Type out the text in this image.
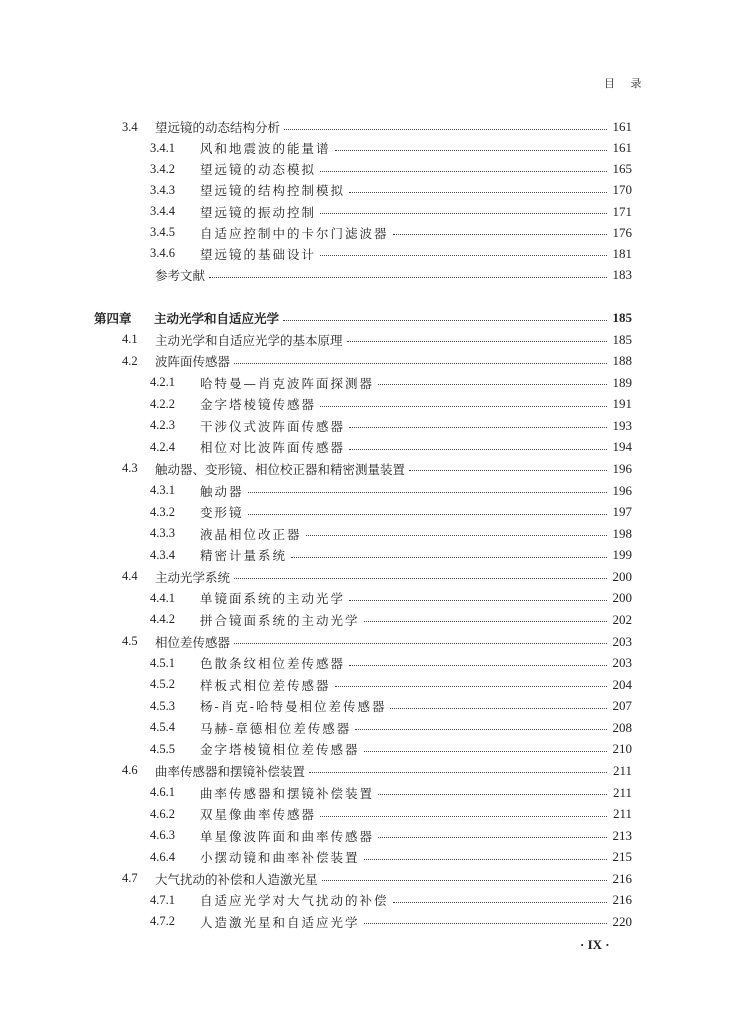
目 录
3.4 望远镜的动态结构分析	161
3.4.1 风和地震波的能量谱	161
3.4.2 望远镜的动态模拟	165
3.4.3 望远镜的结构控制模拟	170
3.4.4 望远镜的振动控制	171
3.4.5 自适应控制中的卡尔门滤波器	176
3.4.6 望远镜的基础设计	181
参考文献	183
第四章 主动光学和自适应光学	185
4.1 主动光学和自适应光学的基本原理	185
4.2 波阵面传感器	188
4.2.1 哈特曼—肖克波阵面探测器	189
4.2.2 金字塔棱镜传感器	191
4.2.3 干涉仪式波阵面传感器	193
4.2.4 相位对比波阵面传感器	194
4.3 触动器、变形镜、相位校正器和精密测量装置	196
4.3.1 触动器	196
4.3.2 变形镜	197
4.3.3 液晶相位改正器	198
4.3.4 精密计量系统	199
4.4 主动光学系统	200
4.4.1 单镜面系统的主动光学	200
4.4.2 拼合镜面系统的主动光学	202
4.5 相位差传感器	203
4.5.1 色散条纹相位差传感器	203
4.5.2 样板式相位差传感器	204
4.5.3 杨-肖克-哈特曼相位差传感器	207
4.5.4 马赫-章德相位差传感器	208
4.5.5 金字塔棱镜相位差传感器	210
4.6 曲率传感器和摆镜补偿装置	211
4.6.1 曲率传感器和摆镜补偿装置	211
4.6.2 双星像曲率传感器	211
4.6.3 单星像波阵面和曲率传感器	213
4.6.4 小摆动镜和曲率补偿装置	215
4.7 大气扰动的补偿和人造激光星	216
4.7.1 自适应光学对大气扰动的补偿	216
4.7.2 人造激光星和自适应光学	220
· IX ·
